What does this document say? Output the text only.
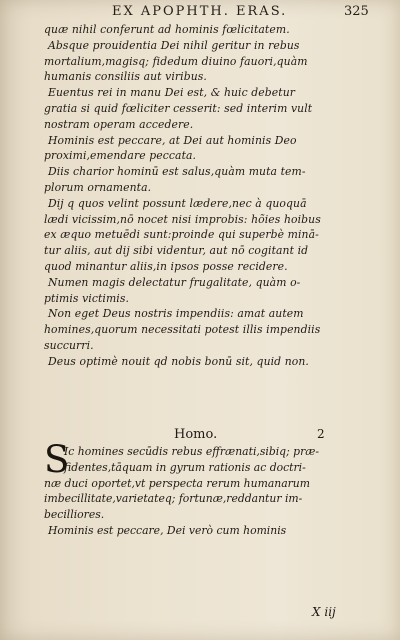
EX APOPHTH. ERAS.	325
quæ nihil conferunt ad hominis fœlicitatem.
Absque prouidentia Dei nihil geritur in rebus
mortalium,magisq; fidedum diuino fauori,quàm
humanis consiliis aut viribus.
Euentus rei in manu Dei est, & huic debetur
gratia si quid fœliciter cesserit: sed interim vult
nostram operam accedere.
Hominis est peccare, at Dei aut hominis Deo
proximi,emendare peccata.
Diis charior hominū est salus,quàm muta tem-
plorum ornamenta.
Dij q quos velint possunt lædere,nec à quoquā
lædi vicissim,nō nocet nisi improbis: hõies hoibus
ex æquo metuēdi sunt:proinde qui superbè minā-
tur aliis, aut dij sibi videntur, aut nō cogitant id
quod minantur aliis,in ipsos posse recidere.
Numen magis delectatur frugalitate, quàm o-
ptimis victimis.
Non eget Deus nostris impendiis: amat autem
homines,quorum necessitati potest illis impendiis
succurri.
Deus optimè nouit qd nobis bonū sit, quid non.
Homo.	2
S
Ic homines secūdis rebus effrænati,sibiq; præ-
fidentes,tāquam in gyrum rationis ac doctri-
næ duci oportet,vt perspecta rerum humanarum
imbecillitate,varietateq; fortunæ,reddantur im-
becilliores.
Hominis est peccare, Dei verò cum hominis
X iij
